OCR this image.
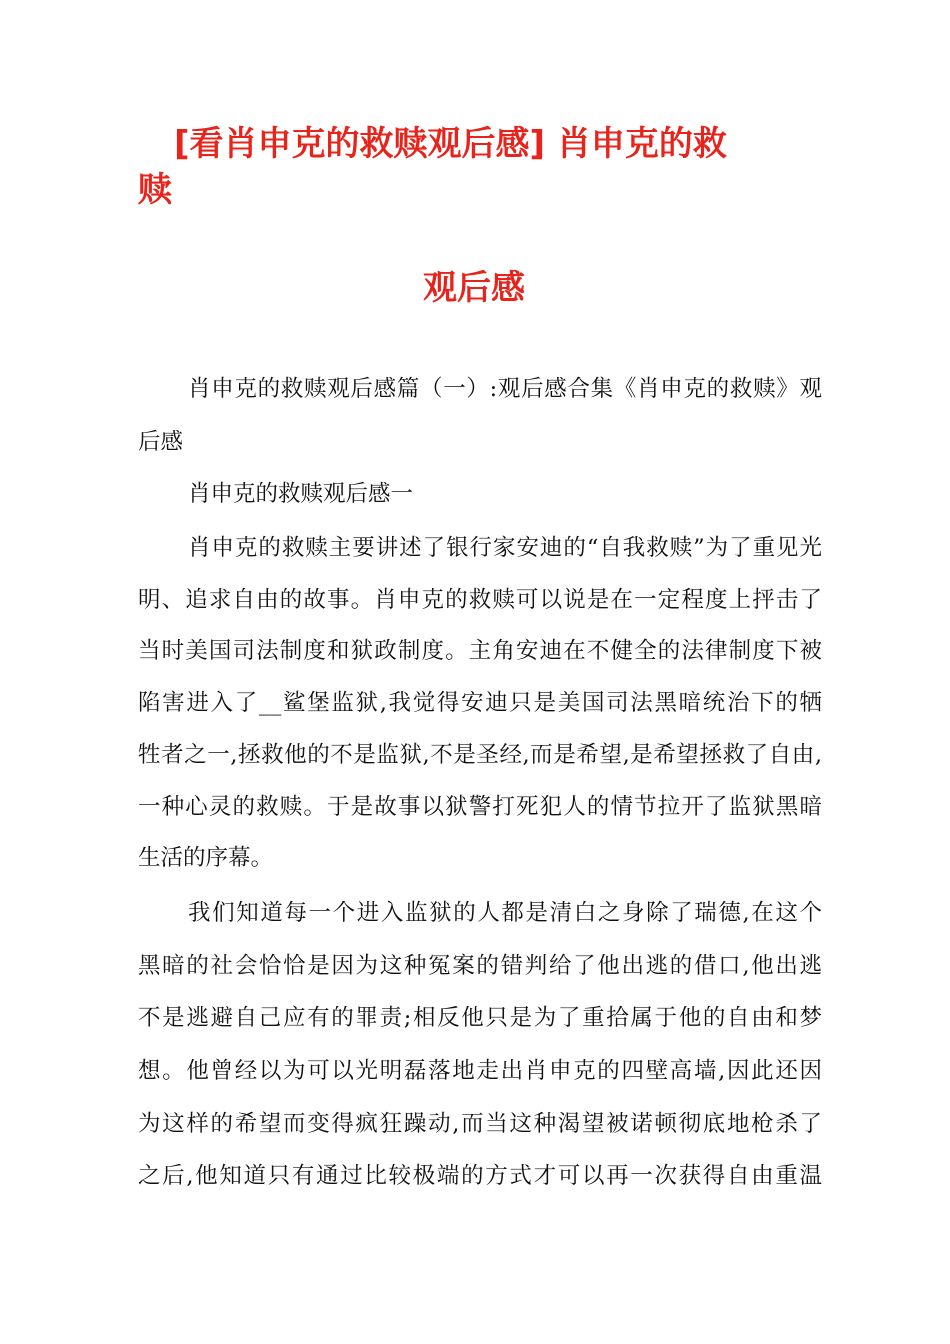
[看肖申克的救赎观后感] 肖申克的救
赎
观后感

肖申克的救赎观后感篇（一）:观后感合集《肖申克的救赎》观

后感

肖申克的救赎观后感一

肖申克的救赎主要讲述了银行家安迪的“自我救赎”为了重见光

明、追求自由的故事。肖申克的救赎可以说是在一定程度上抨击了

当时美国司法制度和狱政制度。主角安迪在不健全的法律制度下被

陷害进入了__鲨堡监狱,我觉得安迪只是美国司法黑暗统治下的牺

牲者之一,拯救他的不是监狱,不是圣经,而是希望,是希望拯救了自由,

一种心灵的救赎。于是故事以狱警打死犯人的情节拉开了监狱黑暗

生活的序幕。

我们知道每一个进入监狱的人都是清白之身除了瑞德,在这个

黑暗的社会恰恰是因为这种冤案的错判给了他出逃的借口,他出逃

不是逃避自己应有的罪责;相反他只是为了重拾属于他的自由和梦

想。他曾经以为可以光明磊落地走出肖申克的四壁高墙,因此还因

为这样的希望而变得疯狂躁动,而当这种渴望被诺顿彻底地枪杀了

之后,他知道只有通过比较极端的方式才可以再一次获得自由重温
